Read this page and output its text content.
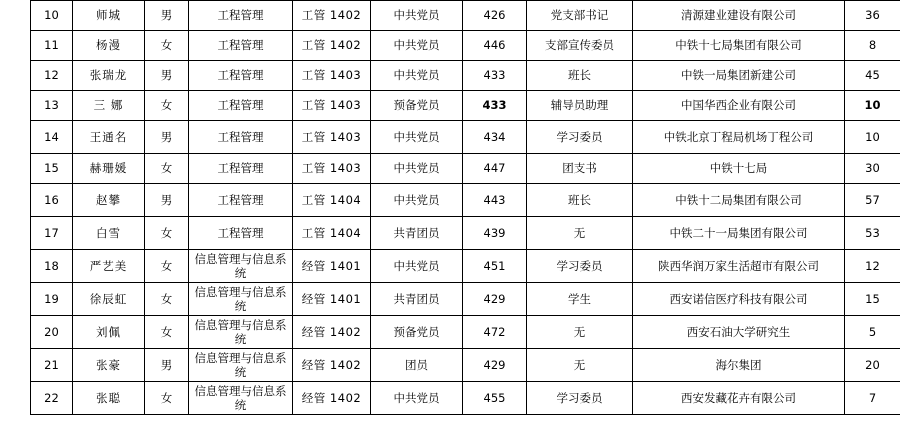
10	师城	男	工程管理	工管 1402	中共党员	426	党支部书记	清源建业建设有限公司	36
11	杨漫	女	工程管理	工管 1402	中共党员	446	支部宣传委员	中铁十七局集团有限公司	8
12	张瑞龙	男	工程管理	工管 1403	中共党员	433	班长	中铁一局集团新建公司	45
13	三 娜	女	工程管理	工管 1403	预备党员	433	辅导员助理	中国华西企业有限公司	10
14	王通名	男	工程管理	工管 1403	中共党员	434	学习委员	中铁北京丁程局机场丁程公司	10
15	赫珊媛	女	工程管理	工管 1403	中共党员	447	团支书	中铁十七局	30
16	赵攀	男	工程管理	工管 1404	中共党员	443	班长	中铁十二局集团有限公司	57
17	白雪	女	工程管理	工管 1404	共青团员	439	无	中铁二十一局集团有限公司	53
18	严艺美	女	信息管理与信息系统	经管 1401	中共党员	451	学习委员	陕西华润万家生活超市有限公司	12
19	徐辰虹	女	信息管理与信息系统	经管 1401	共青团员	429	学生	西安诺信医疗科技有限公司	15
20	刘佩	女	信息管理与信息系统	经管 1402	预备党员	472	无	西安石油大学研究生	5
21	张豪	男	信息管理与信息系统	经管 1402	团员	429	无	海尔集团	20
22	张聪	女	信息管理与信息系统	经管 1402	中共党员	455	学习委员	西安发藏花卉有限公司	7
